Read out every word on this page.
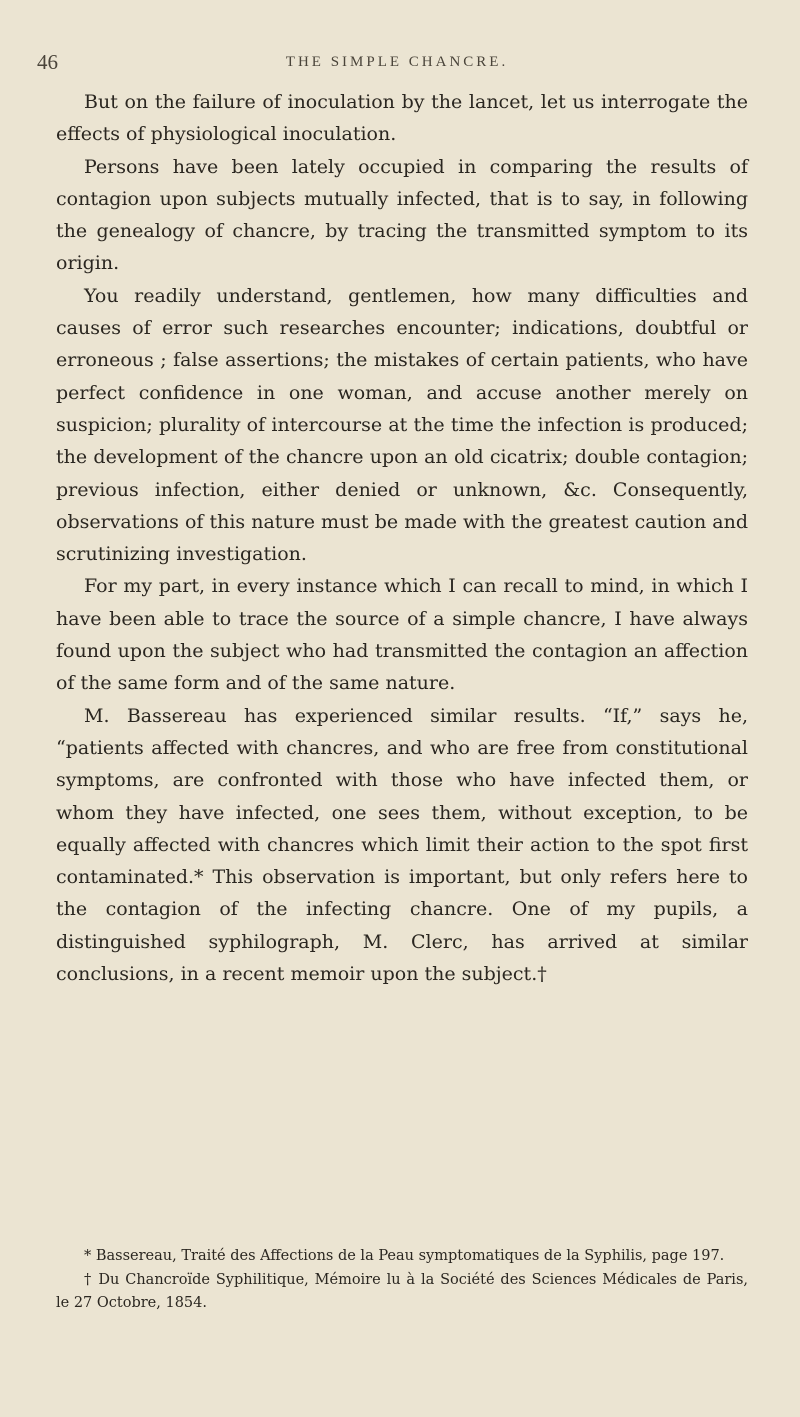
46	THE SIMPLE CHANCRE.

But on the failure of inoculation by the lancet, let us interrogate the effects of physiological inoculation.

Persons have been lately occupied in comparing the results of contagion upon subjects mutually infected, that is to say, in following the genealogy of chancre, by tracing the transmitted symptom to its origin.

You readily understand, gentlemen, how many difficulties and causes of error such researches encounter; indications, doubtful or erroneous ; false assertions; the mistakes of certain patients, who have perfect confidence in one woman, and accuse another merely on suspicion; plurality of intercourse at the time the infection is produced; the development of the chancre upon an old cicatrix; double contagion; previous infection, either denied or unknown, &c. Consequently, observations of this nature must be made with the greatest caution and scrutinizing investigation.

For my part, in every instance which I can recall to mind, in which I have been able to trace the source of a simple chancre, I have always found upon the subject who had transmitted the contagion an affection of the same form and of the same nature.

M. Bassereau has experienced similar results. “If,” says he, “patients affected with chancres, and who are free from constitutional symptoms, are confronted with those who have infected them, or whom they have infected, one sees them, without exception, to be equally affected with chancres which limit their action to the spot first contaminated.* This observation is important, but only refers here to the contagion of the infecting chancre. One of my pupils, a distinguished syphilograph, M. Clerc, has arrived at similar conclusions, in a recent memoir upon the subject.†

* Bassereau, Traité des Affections de la Peau symptomatiques de la Syphilis, page 197.

† Du Chancroïde Syphilitique, Mémoire lu à la Société des Sciences Médicales de Paris, le 27 Octobre, 1854.
